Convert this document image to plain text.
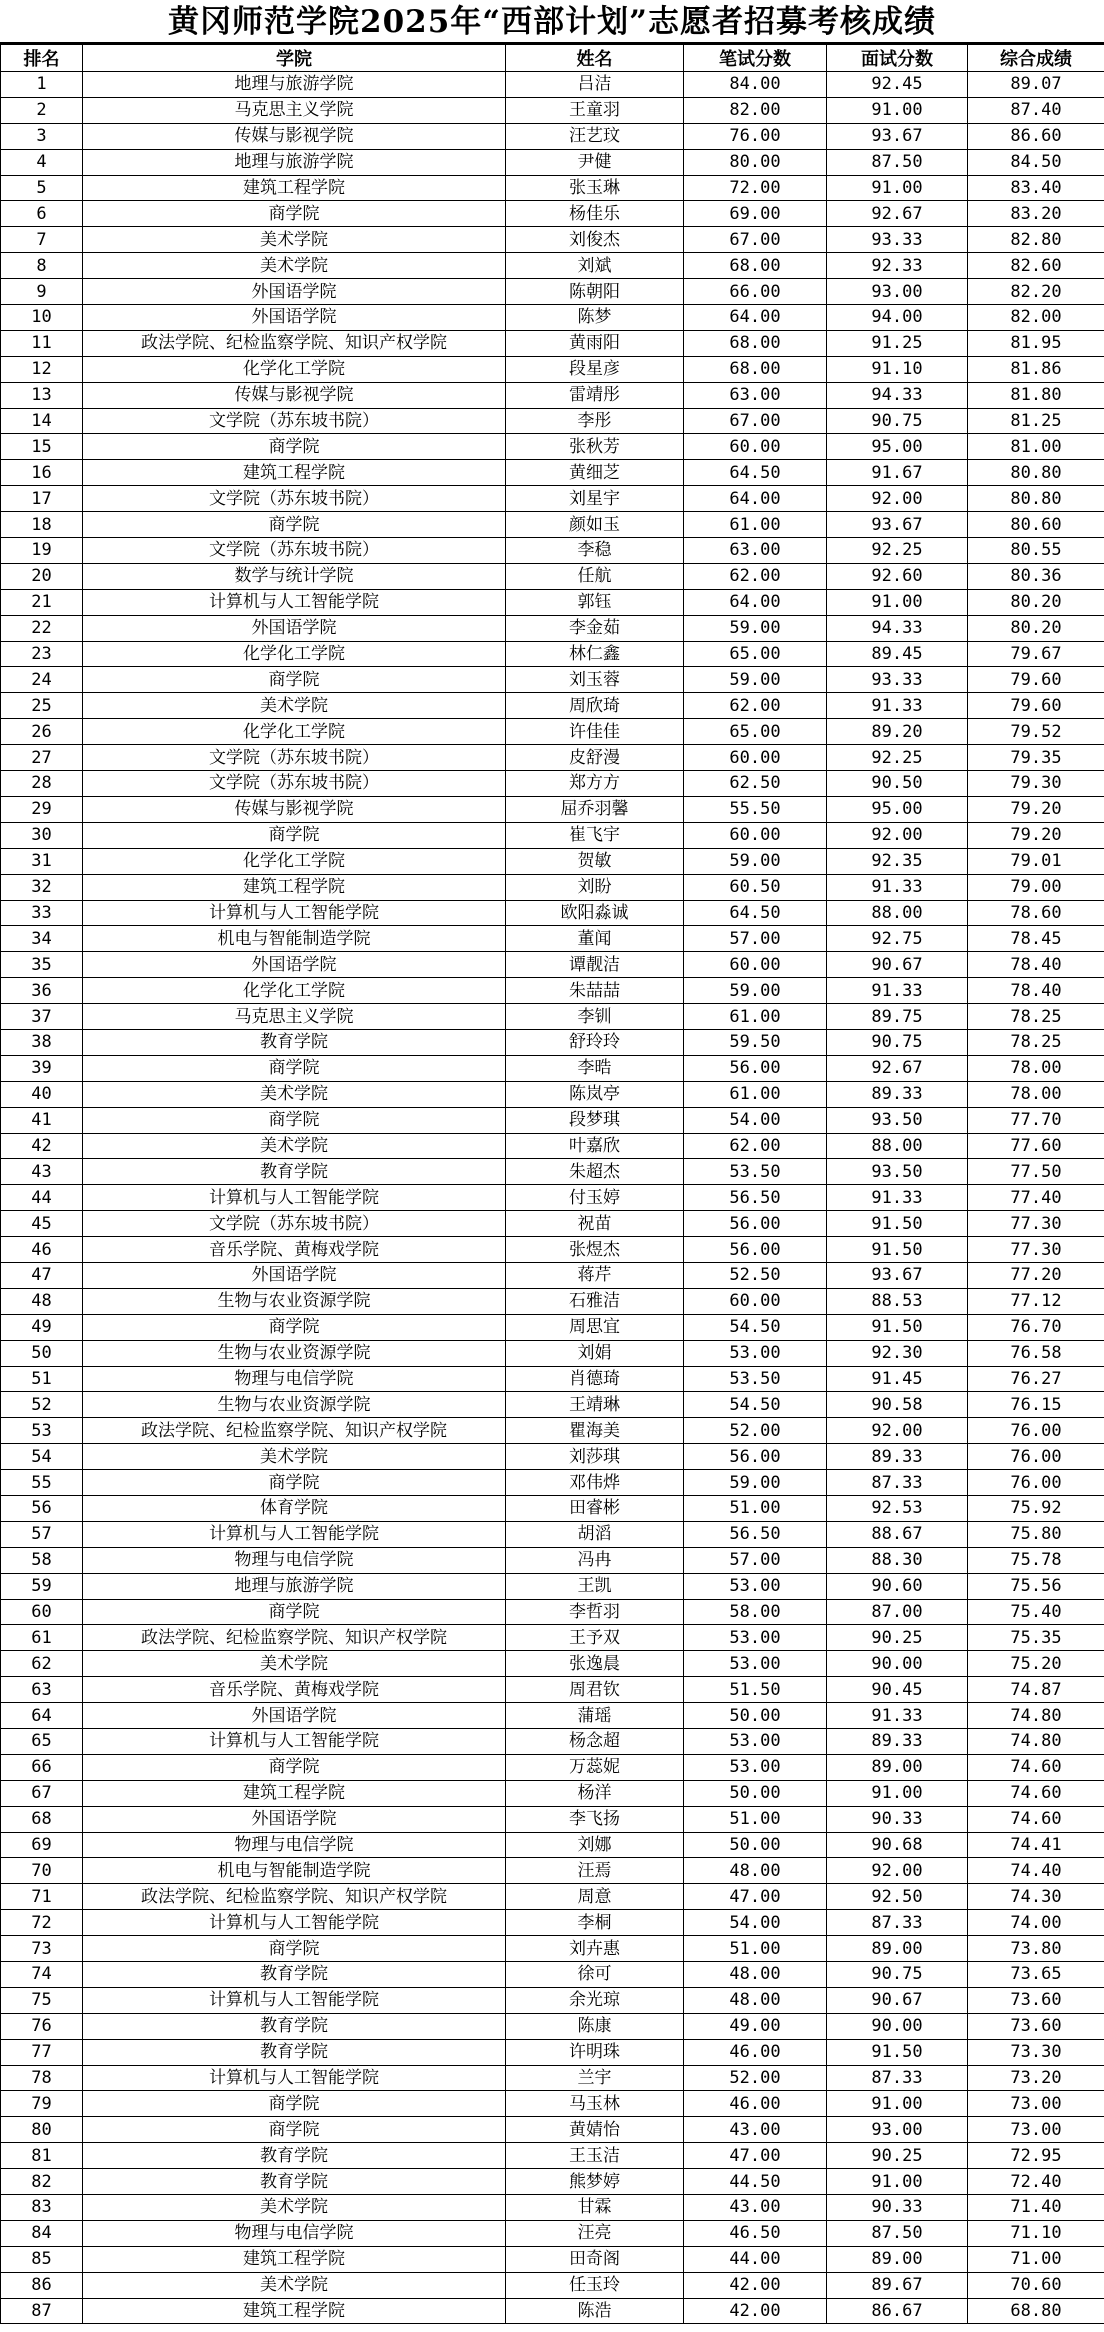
黄冈师范学院2025年“西部计划”志愿者招募考核成绩
排名	学院	姓名	笔试分数	面试分数	综合成绩
1	地理与旅游学院	吕洁	84.00	92.45	89.07
2	马克思主义学院	王童羽	82.00	91.00	87.40
3	传媒与影视学院	汪艺玟	76.00	93.67	86.60
4	地理与旅游学院	尹健	80.00	87.50	84.50
5	建筑工程学院	张玉琳	72.00	91.00	83.40
6	商学院	杨佳乐	69.00	92.67	83.20
7	美术学院	刘俊杰	67.00	93.33	82.80
8	美术学院	刘斌	68.00	92.33	82.60
9	外国语学院	陈朝阳	66.00	93.00	82.20
10	外国语学院	陈梦	64.00	94.00	82.00
11	政法学院、纪检监察学院、知识产权学院	黄雨阳	68.00	91.25	81.95
12	化学化工学院	段星彦	68.00	91.10	81.86
13	传媒与影视学院	雷靖彤	63.00	94.33	81.80
14	文学院（苏东坡书院）	李彤	67.00	90.75	81.25
15	商学院	张秋芳	60.00	95.00	81.00
16	建筑工程学院	黄细芝	64.50	91.67	80.80
17	文学院（苏东坡书院）	刘星宇	64.00	92.00	80.80
18	商学院	颜如玉	61.00	93.67	80.60
19	文学院（苏东坡书院）	李稳	63.00	92.25	80.55
20	数学与统计学院	任航	62.00	92.60	80.36
21	计算机与人工智能学院	郭钰	64.00	91.00	80.20
22	外国语学院	李金茹	59.00	94.33	80.20
23	化学化工学院	林仁鑫	65.00	89.45	79.67
24	商学院	刘玉蓉	59.00	93.33	79.60
25	美术学院	周欣琦	62.00	91.33	79.60
26	化学化工学院	许佳佳	65.00	89.20	79.52
27	文学院（苏东坡书院）	皮舒漫	60.00	92.25	79.35
28	文学院（苏东坡书院）	郑方方	62.50	90.50	79.30
29	传媒与影视学院	屈乔羽馨	55.50	95.00	79.20
30	商学院	崔飞宇	60.00	92.00	79.20
31	化学化工学院	贺敏	59.00	92.35	79.01
32	建筑工程学院	刘盼	60.50	91.33	79.00
33	计算机与人工智能学院	欧阳淼诚	64.50	88.00	78.60
34	机电与智能制造学院	董闻	57.00	92.75	78.45
35	外国语学院	谭靓洁	60.00	90.67	78.40
36	化学化工学院	朱喆喆	59.00	91.33	78.40
37	马克思主义学院	李钏	61.00	89.75	78.25
38	教育学院	舒玲玲	59.50	90.75	78.25
39	商学院	李晧	56.00	92.67	78.00
40	美术学院	陈岚亭	61.00	89.33	78.00
41	商学院	段梦琪	54.00	93.50	77.70
42	美术学院	叶嘉欣	62.00	88.00	77.60
43	教育学院	朱超杰	53.50	93.50	77.50
44	计算机与人工智能学院	付玉婷	56.50	91.33	77.40
45	文学院（苏东坡书院）	祝苗	56.00	91.50	77.30
46	音乐学院、黄梅戏学院	张煜杰	56.00	91.50	77.30
47	外国语学院	蒋芹	52.50	93.67	77.20
48	生物与农业资源学院	石雅洁	60.00	88.53	77.12
49	商学院	周思宜	54.50	91.50	76.70
50	生物与农业资源学院	刘娟	53.00	92.30	76.58
51	物理与电信学院	肖德琦	53.50	91.45	76.27
52	生物与农业资源学院	王靖琳	54.50	90.58	76.15
53	政法学院、纪检监察学院、知识产权学院	瞿海美	52.00	92.00	76.00
54	美术学院	刘莎琪	56.00	89.33	76.00
55	商学院	邓伟烨	59.00	87.33	76.00
56	体育学院	田睿彬	51.00	92.53	75.92
57	计算机与人工智能学院	胡滔	56.50	88.67	75.80
58	物理与电信学院	冯冉	57.00	88.30	75.78
59	地理与旅游学院	王凯	53.00	90.60	75.56
60	商学院	李哲羽	58.00	87.00	75.40
61	政法学院、纪检监察学院、知识产权学院	王予双	53.00	90.25	75.35
62	美术学院	张逸晨	53.00	90.00	75.20
63	音乐学院、黄梅戏学院	周君钦	51.50	90.45	74.87
64	外国语学院	蒲瑶	50.00	91.33	74.80
65	计算机与人工智能学院	杨念超	53.00	89.33	74.80
66	商学院	万蕊妮	53.00	89.00	74.60
67	建筑工程学院	杨洋	50.00	91.00	74.60
68	外国语学院	李飞扬	51.00	90.33	74.60
69	物理与电信学院	刘娜	50.00	90.68	74.41
70	机电与智能制造学院	汪焉	48.00	92.00	74.40
71	政法学院、纪检监察学院、知识产权学院	周意	47.00	92.50	74.30
72	计算机与人工智能学院	李桐	54.00	87.33	74.00
73	商学院	刘卉惠	51.00	89.00	73.80
74	教育学院	徐可	48.00	90.75	73.65
75	计算机与人工智能学院	余光琼	48.00	90.67	73.60
76	教育学院	陈康	49.00	90.00	73.60
77	教育学院	许明珠	46.00	91.50	73.30
78	计算机与人工智能学院	兰宇	52.00	87.33	73.20
79	商学院	马玉林	46.00	91.00	73.00
80	商学院	黄婧怡	43.00	93.00	73.00
81	教育学院	王玉洁	47.00	90.25	72.95
82	教育学院	熊梦婷	44.50	91.00	72.40
83	美术学院	甘霖	43.00	90.33	71.40
84	物理与电信学院	汪亮	46.50	87.50	71.10
85	建筑工程学院	田奇阁	44.00	89.00	71.00
86	美术学院	任玉玲	42.00	89.67	70.60
87	建筑工程学院	陈浩	42.00	86.67	68.80
